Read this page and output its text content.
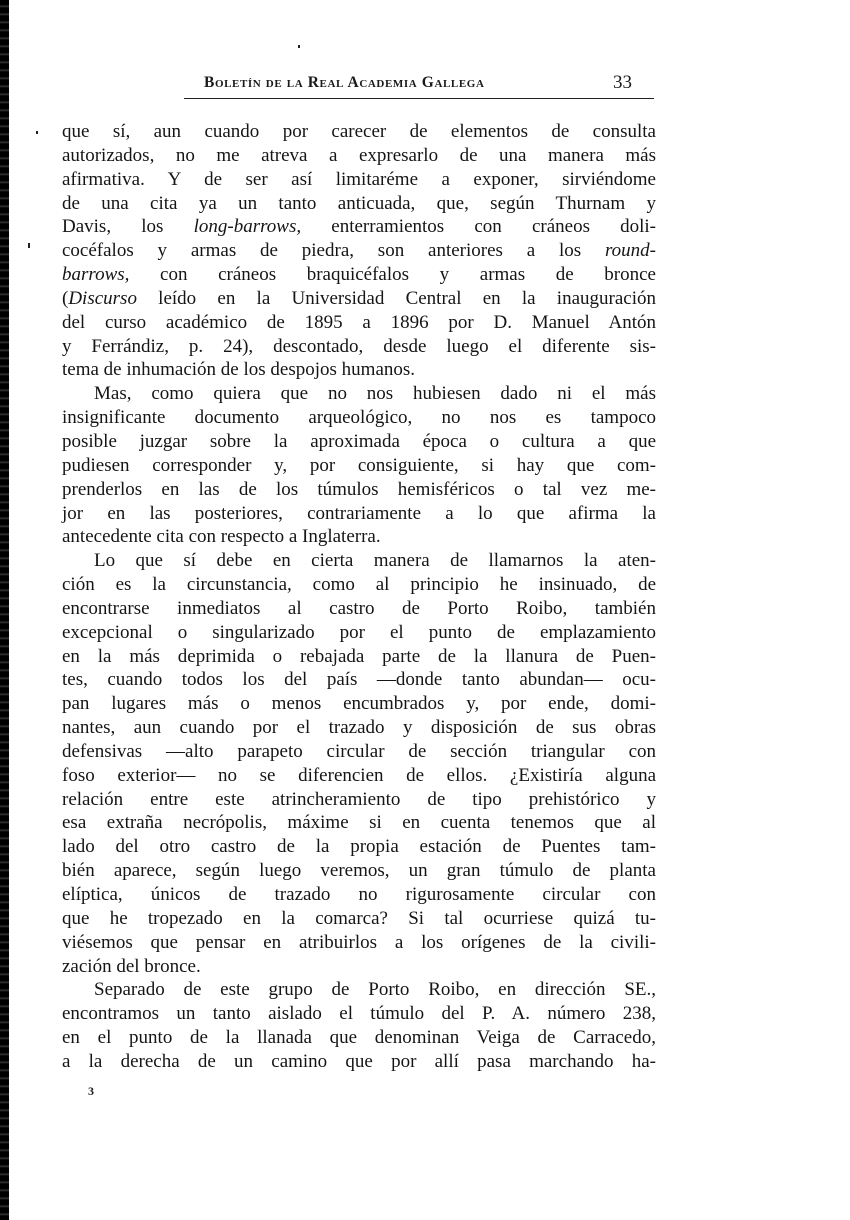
Boletín de la Real Academia Gallega	33
que sí, aun cuando por carecer de elementos de consulta
autorizados, no me atreva a expresarlo de una manera más
afirmativa. Y de ser así limitaréme a exponer, sirviéndome
de una cita ya un tanto anticuada, que, según Thurnam y
Davis, los long-barrows, enterramientos con cráneos doli-
cocéfalos y armas de piedra, son anteriores a los round-
barrows, con cráneos braquicéfalos y armas de bronce
(Discurso leído en la Universidad Central en la inauguración
del curso académico de 1895 a 1896 por D. Manuel Antón
y Ferrándiz, p. 24), descontado, desde luego el diferente sis-
tema de inhumación de los despojos humanos.
Mas, como quiera que no nos hubiesen dado ni el más
insignificante documento arqueológico, no nos es tampoco
posible juzgar sobre la aproximada época o cultura a que
pudiesen corresponder y, por consiguiente, si hay que com-
prenderlos en las de los túmulos hemisféricos o tal vez me-
jor en las posteriores, contrariamente a lo que afirma la
antecedente cita con respecto a Inglaterra.
Lo que sí debe en cierta manera de llamarnos la aten-
ción es la circunstancia, como al principio he insinuado, de
encontrarse inmediatos al castro de Porto Roibo, también
excepcional o singularizado por el punto de emplazamiento
en la más deprimida o rebajada parte de la llanura de Puen-
tes, cuando todos los del país —donde tanto abundan— ocu-
pan lugares más o menos encumbrados y, por ende, domi-
nantes, aun cuando por el trazado y disposición de sus obras
defensivas —alto parapeto circular de sección triangular con
foso exterior— no se diferencien de ellos. ¿Existiría alguna
relación entre este atrincheramiento de tipo prehistórico y
esa extraña necrópolis, máxime si en cuenta tenemos que al
lado del otro castro de la propia estación de Puentes tam-
bién aparece, según luego veremos, un gran túmulo de planta
elíptica, únicos de trazado no rigurosamente circular con
que he tropezado en la comarca? Si tal ocurriese quizá tu-
viésemos que pensar en atribuirlos a los orígenes de la civili-
zación del bronce.
Separado de este grupo de Porto Roibo, en dirección SE.,
encontramos un tanto aislado el túmulo del P. A. número 238,
en el punto de la llanada que denominan Veiga de Carracedo,
a la derecha de un camino que por allí pasa marchando ha-
3
